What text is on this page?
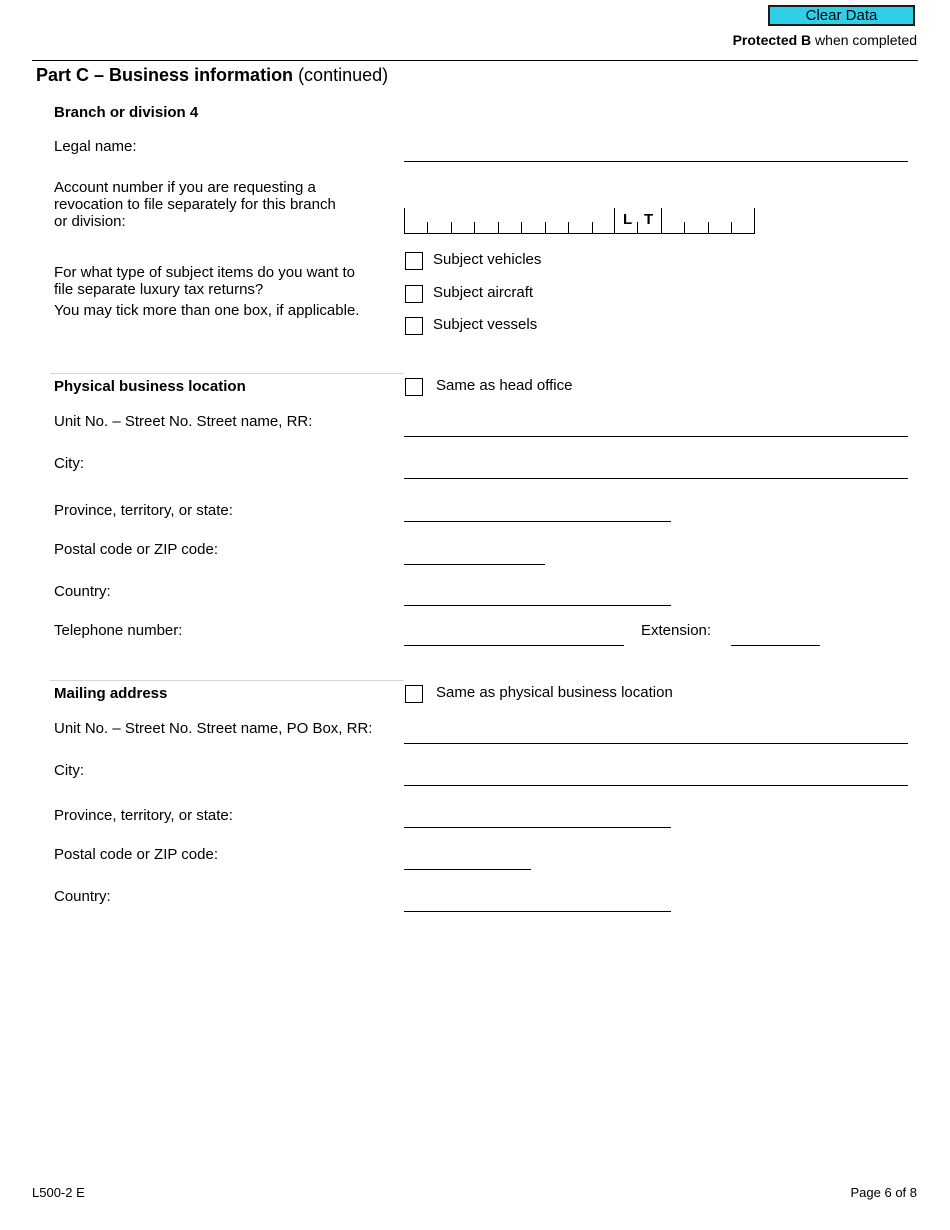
Clear Data
Protected B when completed
Part C – Business information (continued)
Branch or division 4
Legal name:
Account number if you are requesting a
revocation to file separately for this branch
or division:	L T
For what type of subject items do you want to
file separate luxury tax returns?
You may tick more than one box, if applicable.
Subject vehicles
Subject aircraft
Subject vessels
Physical business location	Same as head office
Unit No. – Street No. Street name, RR:
City:
Province, territory, or state:
Postal code or ZIP code:
Country:
Telephone number:	Extension:
Mailing address	Same as physical business location
Unit No. – Street No. Street name, PO Box, RR:
City:
Province, territory, or state:
Postal code or ZIP code:
Country:
L500-2 E	Page 6 of 8
